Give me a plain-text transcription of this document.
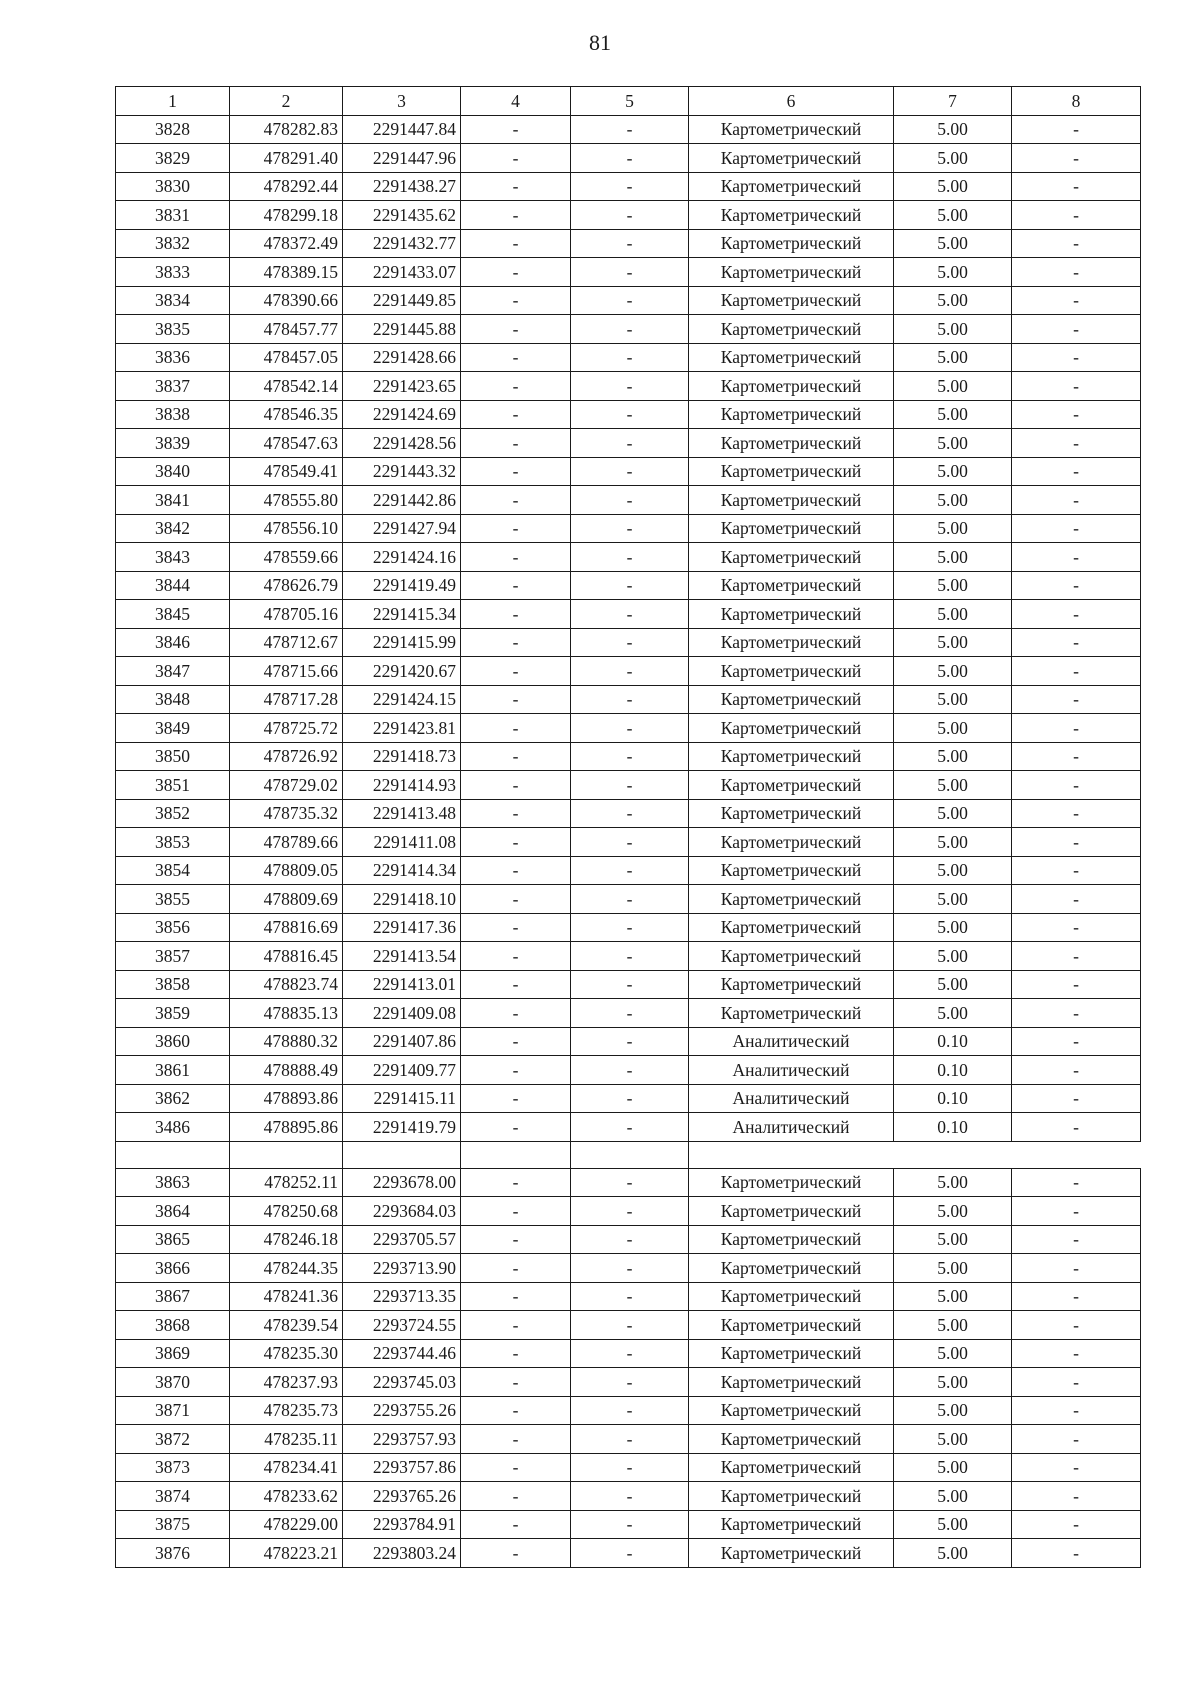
81
1	2	3	4	5	6	7	8
3828	478282.83	2291447.84	-	-	Картометрический	5.00	-
3829	478291.40	2291447.96	-	-	Картометрический	5.00	-
3830	478292.44	2291438.27	-	-	Картометрический	5.00	-
3831	478299.18	2291435.62	-	-	Картометрический	5.00	-
3832	478372.49	2291432.77	-	-	Картометрический	5.00	-
3833	478389.15	2291433.07	-	-	Картометрический	5.00	-
3834	478390.66	2291449.85	-	-	Картометрический	5.00	-
3835	478457.77	2291445.88	-	-	Картометрический	5.00	-
3836	478457.05	2291428.66	-	-	Картометрический	5.00	-
3837	478542.14	2291423.65	-	-	Картометрический	5.00	-
3838	478546.35	2291424.69	-	-	Картометрический	5.00	-
3839	478547.63	2291428.56	-	-	Картометрический	5.00	-
3840	478549.41	2291443.32	-	-	Картометрический	5.00	-
3841	478555.80	2291442.86	-	-	Картометрический	5.00	-
3842	478556.10	2291427.94	-	-	Картометрический	5.00	-
3843	478559.66	2291424.16	-	-	Картометрический	5.00	-
3844	478626.79	2291419.49	-	-	Картометрический	5.00	-
3845	478705.16	2291415.34	-	-	Картометрический	5.00	-
3846	478712.67	2291415.99	-	-	Картометрический	5.00	-
3847	478715.66	2291420.67	-	-	Картометрический	5.00	-
3848	478717.28	2291424.15	-	-	Картометрический	5.00	-
3849	478725.72	2291423.81	-	-	Картометрический	5.00	-
3850	478726.92	2291418.73	-	-	Картометрический	5.00	-
3851	478729.02	2291414.93	-	-	Картометрический	5.00	-
3852	478735.32	2291413.48	-	-	Картометрический	5.00	-
3853	478789.66	2291411.08	-	-	Картометрический	5.00	-
3854	478809.05	2291414.34	-	-	Картометрический	5.00	-
3855	478809.69	2291418.10	-	-	Картометрический	5.00	-
3856	478816.69	2291417.36	-	-	Картометрический	5.00	-
3857	478816.45	2291413.54	-	-	Картометрический	5.00	-
3858	478823.74	2291413.01	-	-	Картометрический	5.00	-
3859	478835.13	2291409.08	-	-	Картометрический	5.00	-
3860	478880.32	2291407.86	-	-	Аналитический	0.10	-
3861	478888.49	2291409.77	-	-	Аналитический	0.10	-
3862	478893.86	2291415.11	-	-	Аналитический	0.10	-
3486	478895.86	2291419.79	-	-	Аналитический	0.10	-

3863	478252.11	2293678.00	-	-	Картометрический	5.00	-
3864	478250.68	2293684.03	-	-	Картометрический	5.00	-
3865	478246.18	2293705.57	-	-	Картометрический	5.00	-
3866	478244.35	2293713.90	-	-	Картометрический	5.00	-
3867	478241.36	2293713.35	-	-	Картометрический	5.00	-
3868	478239.54	2293724.55	-	-	Картометрический	5.00	-
3869	478235.30	2293744.46	-	-	Картометрический	5.00	-
3870	478237.93	2293745.03	-	-	Картометрический	5.00	-
3871	478235.73	2293755.26	-	-	Картометрический	5.00	-
3872	478235.11	2293757.93	-	-	Картометрический	5.00	-
3873	478234.41	2293757.86	-	-	Картометрический	5.00	-
3874	478233.62	2293765.26	-	-	Картометрический	5.00	-
3875	478229.00	2293784.91	-	-	Картометрический	5.00	-
3876	478223.21	2293803.24	-	-	Картометрический	5.00	-
